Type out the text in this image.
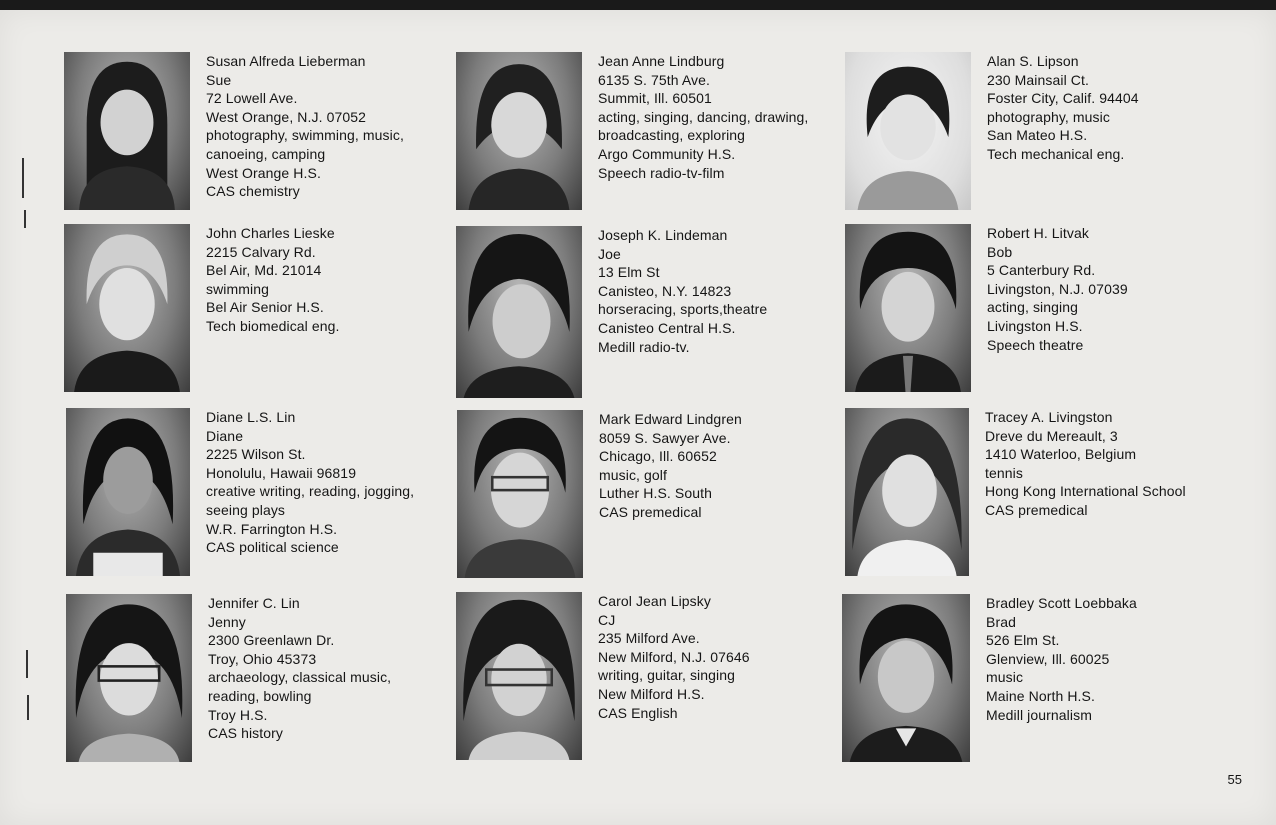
Susan Alfreda Lieberman
Sue
72 Lowell Ave.
West Orange, N.J. 07052
photography, swimming, music,
canoeing, camping
West Orange H.S.
CAS chemistry
Jean Anne Lindburg
6135 S. 75th Ave.
Summit, Ill. 60501
acting, singing, dancing, drawing,
broadcasting, exploring
Argo Community H.S.
Speech radio-tv-film
Alan S. Lipson
230 Mainsail Ct.
Foster City, Calif. 94404
photography, music
San Mateo H.S.
Tech mechanical eng.
John Charles Lieske
2215 Calvary Rd.
Bel Air, Md. 21014
swimming
Bel Air Senior H.S.
Tech biomedical eng.
Joseph K. Lindeman
Joe
13 Elm St
Canisteo, N.Y. 14823
horseracing, sports,theatre
Canisteo Central H.S.
Medill radio-tv.
Robert H. Litvak
Bob
5 Canterbury Rd.
Livingston, N.J. 07039
acting, singing
Livingston H.S.
Speech theatre
Diane L.S. Lin
Diane
2225 Wilson St.
Honolulu, Hawaii 96819
creative writing, reading, jogging,
seeing plays
W.R. Farrington H.S.
CAS political science
Mark Edward Lindgren
8059 S. Sawyer Ave.
Chicago, Ill. 60652
music, golf
Luther H.S. South
CAS premedical
Tracey A. Livingston
Dreve du Mereault, 3
1410 Waterloo, Belgium
tennis
Hong Kong International School
CAS premedical
Jennifer C. Lin
Jenny
2300 Greenlawn Dr.
Troy, Ohio 45373
archaeology, classical music,
reading, bowling
Troy H.S.
CAS history
Carol Jean Lipsky
CJ
235 Milford Ave.
New Milford, N.J. 07646
writing, guitar, singing
New Milford H.S.
CAS English
Bradley Scott Loebbaka
Brad
526 Elm St.
Glenview, Ill. 60025
music
Maine North H.S.
Medill journalism
55
